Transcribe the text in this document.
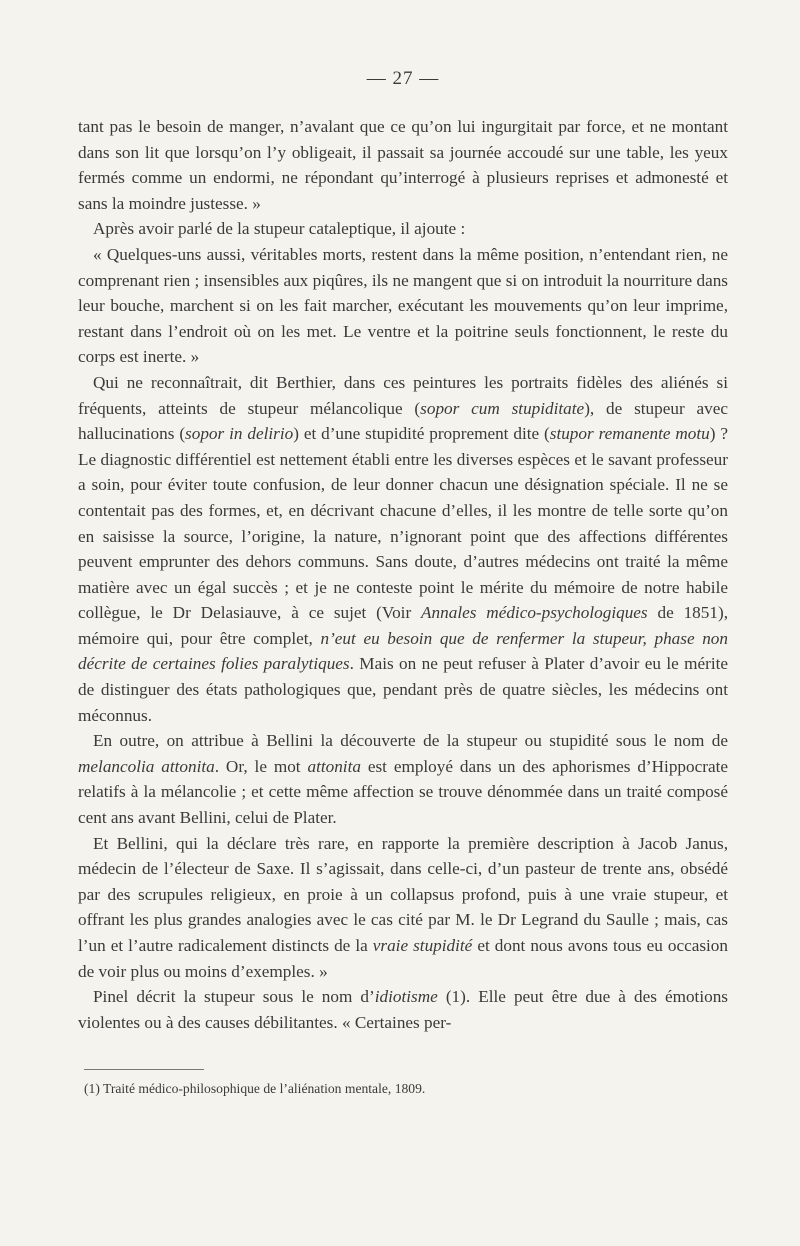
— 27 —

tant pas le besoin de manger, n’avalant que ce qu’on lui ingurgitait par force, et ne montant dans son lit que lorsqu’on l’y obligeait, il passait sa journée accoudé sur une table, les yeux fermés comme un endormi, ne répondant qu’interrogé à plusieurs reprises et admonesté et sans la moindre justesse. »

Après avoir parlé de la stupeur cataleptique, il ajoute :

« Quelques-uns aussi, véritables morts, restent dans la même position, n’entendant rien, ne comprenant rien ; insensibles aux piqûres, ils ne mangent que si on introduit la nourriture dans leur bouche, marchent si on les fait marcher, exécutant les mouvements qu’on leur imprime, restant dans l’endroit où on les met. Le ventre et la poitrine seuls fonctionnent, le reste du corps est inerte. »

Qui ne reconnaîtrait, dit Berthier, dans ces peintures les portraits fidèles des aliénés si fréquents, atteints de stupeur mélancolique (sopor cum stupiditate), de stupeur avec hallucinations (sopor in delirio) et d’une stupidité proprement dite (stupor remanente motu) ? Le diagnostic différentiel est nettement établi entre les diverses espèces et le savant professeur a soin, pour éviter toute confusion, de leur donner chacun une désignation spéciale. Il ne se contentait pas des formes, et, en décrivant chacune d’elles, il les montre de telle sorte qu’on en saisisse la source, l’origine, la nature, n’ignorant point que des affections différentes peuvent emprunter des dehors communs. Sans doute, d’autres médecins ont traité la même matière avec un égal succès ; et je ne conteste point le mérite du mémoire de notre habile collègue, le Dr Delasiauve, à ce sujet (Voir Annales médico-psychologiques de 1851), mémoire qui, pour être complet, n’eut eu besoin que de renfermer la stupeur, phase non décrite de certaines folies paralytiques. Mais on ne peut refuser à Plater d’avoir eu le mérite de distinguer des états pathologiques que, pendant près de quatre siècles, les médecins ont méconnus.

En outre, on attribue à Bellini la découverte de la stupeur ou stupidité sous le nom de melancolia attonita. Or, le mot attonita est employé dans un des aphorismes d’Hippocrate relatifs à la mélancolie ; et cette même affection se trouve dénommée dans un traité composé cent ans avant Bellini, celui de Plater.

Et Bellini, qui la déclare très rare, en rapporte la première description à Jacob Janus, médecin de l’électeur de Saxe. Il s’agissait, dans celle-ci, d’un pasteur de trente ans, obsédé par des scrupules religieux, en proie à un collapsus profond, puis à une vraie stupeur, et offrant les plus grandes analogies avec le cas cité par M. le Dr Legrand du Saulle ; mais, cas l’un et l’autre radicalement distincts de la vraie stupidité et dont nous avons tous eu occasion de voir plus ou moins d’exemples. »

Pinel décrit la stupeur sous le nom d’idiotisme (1). Elle peut être due à des émotions violentes ou à des causes débilitantes. « Certaines per-

(1) Traité médico-philosophique de l’aliénation mentale, 1809.
